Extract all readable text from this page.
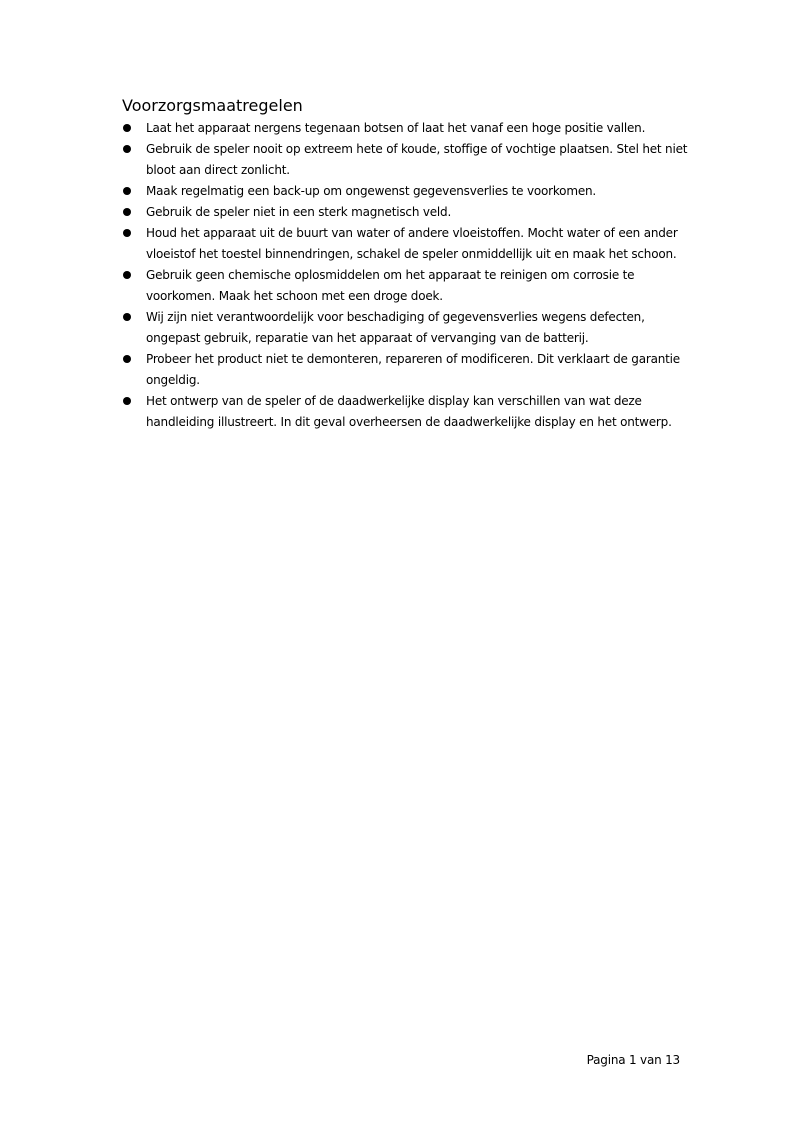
Voorzorgsmaatregelen
Laat het apparaat nergens tegenaan botsen of laat het vanaf een hoge positie vallen.
Gebruik de speler nooit op extreem hete of koude, stoffige of vochtige plaatsen. Stel het niet bloot aan direct zonlicht.
Maak regelmatig een back-up om ongewenst gegevensverlies te voorkomen.
Gebruik de speler niet in een sterk magnetisch veld.
Houd het apparaat uit de buurt van water of andere vloeistoffen. Mocht water of een ander vloeistof het toestel binnendringen, schakel de speler onmiddellijk uit en maak het schoon.
Gebruik geen chemische oplosmiddelen om het apparaat te reinigen om corrosie te voorkomen. Maak het schoon met een droge doek.
Wij zijn niet verantwoordelijk voor beschadiging of gegevensverlies wegens defecten, ongepast gebruik, reparatie van het apparaat of vervanging van de batterij.
Probeer het product niet te demonteren, repareren of modificeren. Dit verklaart de garantie ongeldig.
Het ontwerp van de speler of de daadwerkelijke display kan verschillen van wat deze handleiding illustreert. In dit geval overheersen de daadwerkelijke display en het ontwerp.
Pagina 1 van 13
